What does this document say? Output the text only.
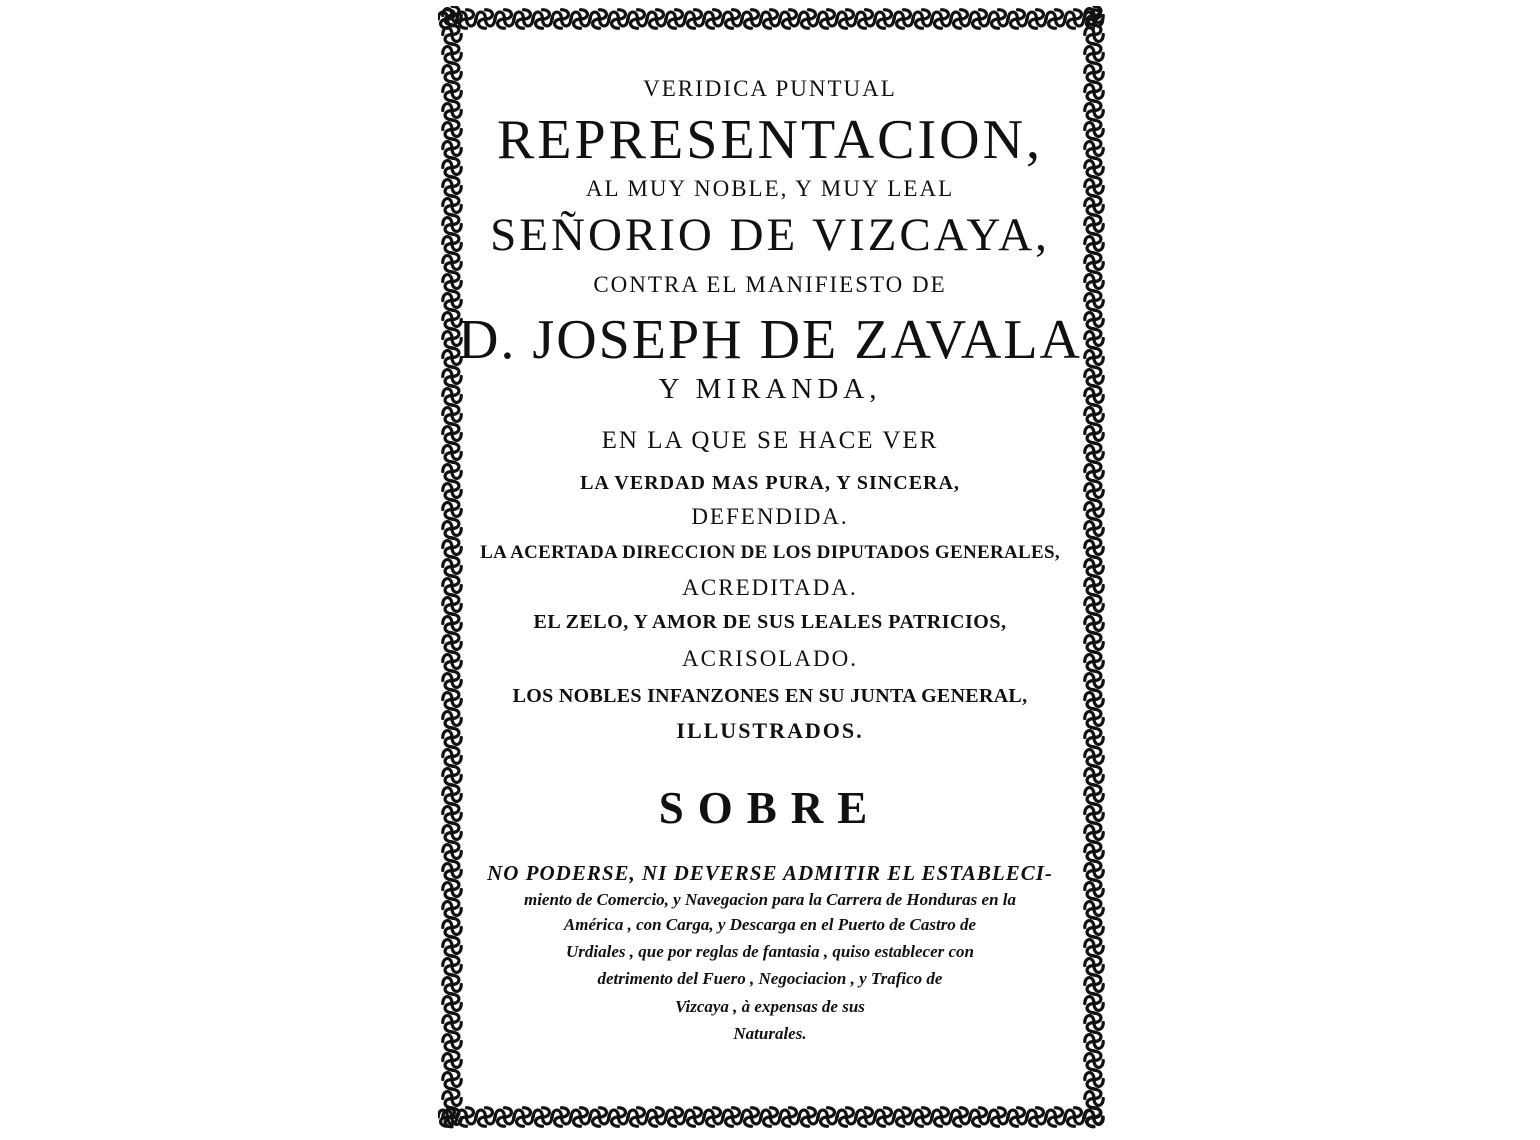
VERIDICA PUNTUAL
REPRESENTACION,
AL MUY NOBLE, Y MUY LEAL
SEÑORIO DE VIZCAYA,
CONTRA EL MANIFIESTO DE
D. JOSEPH DE ZAVALA
Y MIRANDA,
EN LA QUE SE HACE VER
LA VERDAD MAS PURA, Y SINCERA,
DEFENDIDA.
LA ACERTADA DIRECCION DE LOS DIPUTADOS GENERALES,
ACREDITADA.
EL ZELO, Y AMOR DE SUS LEALES PATRICIOS,
ACRISOLADO.
LOS NOBLES INFANZONES EN SU JUNTA GENERAL,
ILLUSTRADOS.
SOBRE
NO PODERSE, NI DEVERSE ADMITIR EL ESTABLECI-
miento de Comercio, y Navegacion para la Carrera de Honduras en la
América , con Carga, y Descarga en el Puerto de Castro de
Urdiales , que por reglas de fantasia , quiso establecer con
detrimento del Fuero , Negociacion , y Trafico de
Vizcaya , à expensas de sus
Naturales.
